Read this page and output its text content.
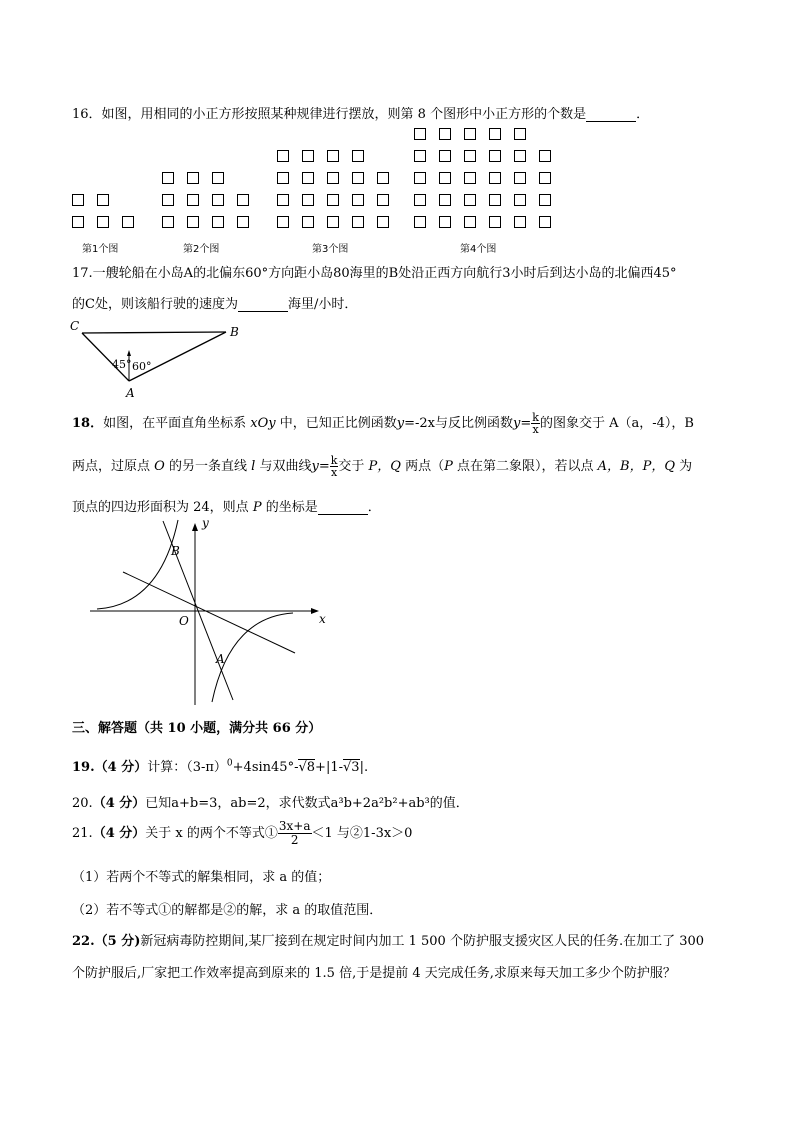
16．如图，用相同的小正方形按照某种规律进行摆放，则第 8 个图形中小正方形的个数是	．
第1个图	第2个图	第3个图	第4个图
17.一艘轮船在小岛A的北偏东60°方向距小岛80海里的B处沿正西方向航行3小时后到达小岛的北偏西45°
的C处，则该船行驶的速度为	海里/小时．
C	B
A
45° 60°
18．如图，在平面直角坐标系 xOy 中，已知正比例函数y=-2x与反比例函数$y= \frac{k}{x}$ 的图象交于 A（a，-4），B
两点，过原点 O 的另一条直线 l 与双曲线$y= \frac{k}{x}$ 交于 P，Q 两点（P 点在第二象限），若以点 A，B，P，Q 为
顶点的四边形面积为 24，则点 P 的坐标是	．
y
x
O
B
A
三、解答题（共 10 小题，满分共 66 分）
19.（4 分）计算：$(3-\pi)^0+4\sin 45^\circ-√8+|1-√3|$.
20.（4 分）已知a+b=3，ab=2，求代数式a³b+2a²b²+ab³的值．
21.（4 分）关于 x 的两个不等式① $\frac{3x+a}{2} <1$ 与②1-3x＞0
（1）若两个不等式的解集相同，求 a 的值；
（2）若不等式①的解都是②的解，求 a 的取值范围．
22.（5 分)新冠病毒防控期间,某厂接到在规定时间内加工 1 500 个防护服支援灾区人民的任务.在加工了 300
个防护服后,厂家把工作效率提高到原来的 1.5 倍,于是提前 4 天完成任务,求原来每天加工多少个防护服？
